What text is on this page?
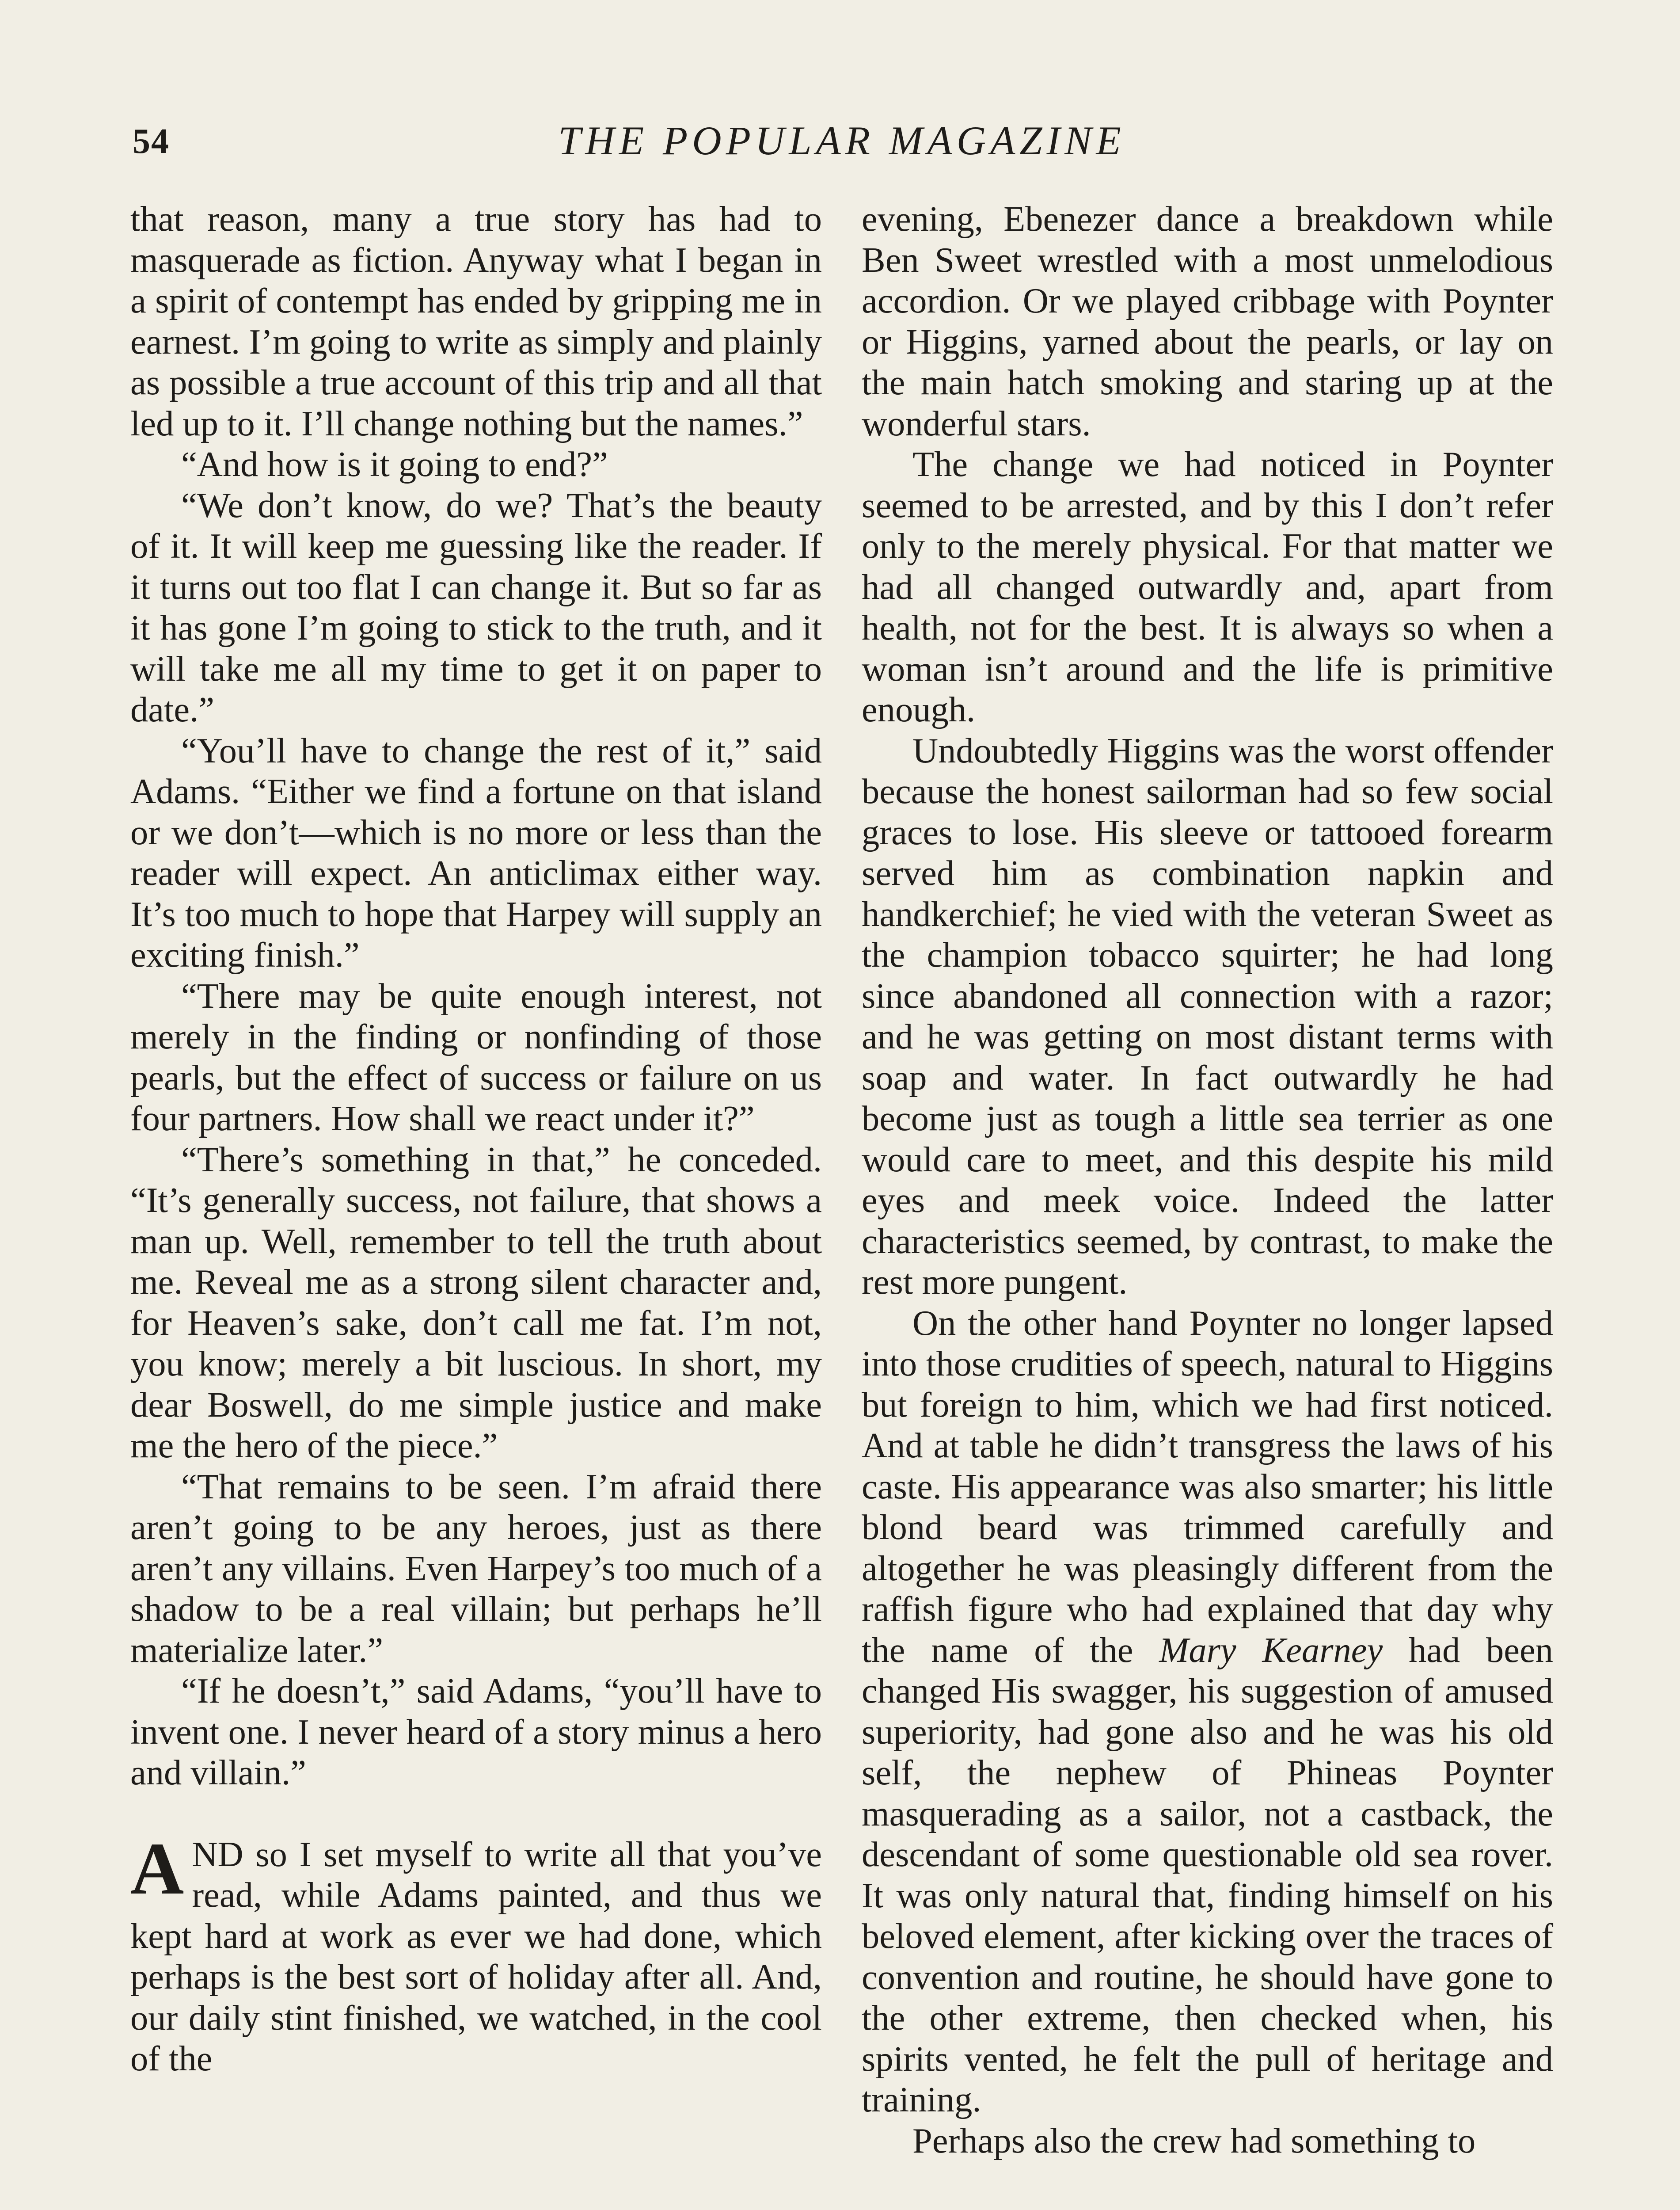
54	THE POPULAR MAGAZINE

that reason, many a true story has had to masquerade as fiction. Anyway what I began in a spirit of contempt has ended by gripping me in earnest. I’m going to write as simply and plainly as possible a true account of this trip and all that led up to it. I’ll change nothing but the names.”

“And how is it going to end?”

“We don’t know, do we? That’s the beauty of it. It will keep me guessing like the reader. If it turns out too flat I can change it. But so far as it has gone I’m going to stick to the truth, and it will take me all my time to get it on paper to date.”

“You’ll have to change the rest of it,” said Adams. “Either we find a fortune on that island or we don’t—which is no more or less than the reader will expect. An anticlimax either way. It’s too much to hope that Harpey will supply an exciting finish.”

“There may be quite enough interest, not merely in the finding or nonfinding of those pearls, but the effect of success or failure on us four partners. How shall we react under it?”

“There’s something in that,” he conceded. “It’s generally success, not failure, that shows a man up. Well, remember to tell the truth about me. Reveal me as a strong silent character and, for Heaven’s sake, don’t call me fat. I’m not, you know; merely a bit luscious. In short, my dear Boswell, do me simple justice and make me the hero of the piece.”

“That remains to be seen. I’m afraid there aren’t going to be any heroes, just as there aren’t any villains. Even Harpey’s too much of a shadow to be a real villain; but perhaps he’ll materialize later.”

“If he doesn’t,” said Adams, “you’ll have to invent one. I never heard of a story minus a hero and villain.”

AND so I set myself to write all that you’ve read, while Adams painted, and thus we kept hard at work as ever we had done, which perhaps is the best sort of holiday after all. And, our daily stint finished, we watched, in the cool of the

evening, Ebenezer dance a breakdown while Ben Sweet wrestled with a most unmelodious accordion. Or we played cribbage with Poynter or Higgins, yarned about the pearls, or lay on the main hatch smoking and staring up at the wonderful stars.

The change we had noticed in Poynter seemed to be arrested, and by this I don’t refer only to the merely physical. For that matter we had all changed outwardly and, apart from health, not for the best. It is always so when a woman isn’t around and the life is primitive enough.

Undoubtedly Higgins was the worst offender because the honest sailorman had so few social graces to lose. His sleeve or tattooed forearm served him as combination napkin and handkerchief; he vied with the veteran Sweet as the champion tobacco squirter; he had long since abandoned all connection with a razor; and he was getting on most distant terms with soap and water. In fact outwardly he had become just as tough a little sea terrier as one would care to meet, and this despite his mild eyes and meek voice. Indeed the latter characteristics seemed, by contrast, to make the rest more pungent.

On the other hand Poynter no longer lapsed into those crudities of speech, natural to Higgins but foreign to him, which we had first noticed. And at table he didn’t transgress the laws of his caste. His appearance was also smarter; his little blond beard was trimmed carefully and altogether he was pleasingly different from the raffish figure who had explained that day why the name of the Mary Kearney had been changed His swagger, his suggestion of amused superiority, had gone also and he was his old self, the nephew of Phineas Poynter masquerading as a sailor, not a castback, the descendant of some questionable old sea rover. It was only natural that, finding himself on his beloved element, after kicking over the traces of convention and routine, he should have gone to the other extreme, then checked when, his spirits vented, he felt the pull of heritage and training.

Perhaps also the crew had something to
